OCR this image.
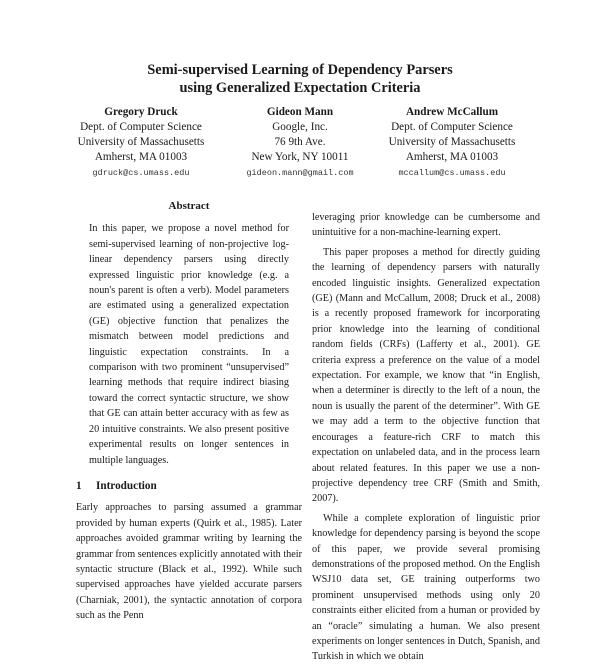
Semi-supervised Learning of Dependency Parsers
using Generalized Expectation Criteria
Gregory Druck
Dept. of Computer Science
University of Massachusetts
Amherst, MA 01003
gdruck@cs.umass.edu
Gideon Mann
Google, Inc.
76 9th Ave.
New York, NY 10011
gideon.mann@gmail.com
Andrew McCallum
Dept. of Computer Science
University of Massachusetts
Amherst, MA 01003
mccallum@cs.umass.edu
Abstract

In this paper, we propose a novel method for semi-supervised learning of non-projective log-linear dependency parsers using directly expressed linguistic prior knowledge (e.g. a noun's parent is often a verb). Model parameters are estimated using a generalized expectation (GE) objective function that penalizes the mismatch between model predictions and linguistic expectation constraints. In a comparison with two prominent “unsupervised” learning methods that require indirect biasing toward the correct syntactic structure, we show that GE can attain better accuracy with as few as 20 intuitive constraints. We also present positive experimental results on longer sentences in multiple languages.

1 Introduction

Early approaches to parsing assumed a grammar provided by human experts (Quirk et al., 1985). Later approaches avoided grammar writing by learning the grammar from sentences explicitly annotated with their syntactic structure (Black et al., 1992). While such supervised approaches have yielded accurate parsers (Charniak, 2001), the syntactic annotation of corpora such as the Penn

leveraging prior knowledge can be cumbersome and unintuitive for a non-machine-learning expert.

This paper proposes a method for directly guiding the learning of dependency parsers with naturally encoded linguistic insights. Generalized expectation (GE) (Mann and McCallum, 2008; Druck et al., 2008) is a recently proposed framework for incorporating prior knowledge into the learning of conditional random fields (CRFs) (Lafferty et al., 2001). GE criteria express a preference on the value of a model expectation. For example, we know that “in English, when a determiner is directly to the left of a noun, the noun is usually the parent of the determiner”. With GE we may add a term to the objective function that encourages a feature-rich CRF to match this expectation on unlabeled data, and in the process learn about related features. In this paper we use a non-projective dependency tree CRF (Smith and Smith, 2007).

While a complete exploration of linguistic prior knowledge for dependency parsing is beyond the scope of this paper, we provide several promising demonstrations of the proposed method. On the English WSJ10 data set, GE training outperforms two prominent unsupervised methods using only 20 constraints either elicited from a human or provided by an “oracle” simulating a human. We also present experiments on longer sentences in Dutch, Spanish, and Turkish in which we obtain
